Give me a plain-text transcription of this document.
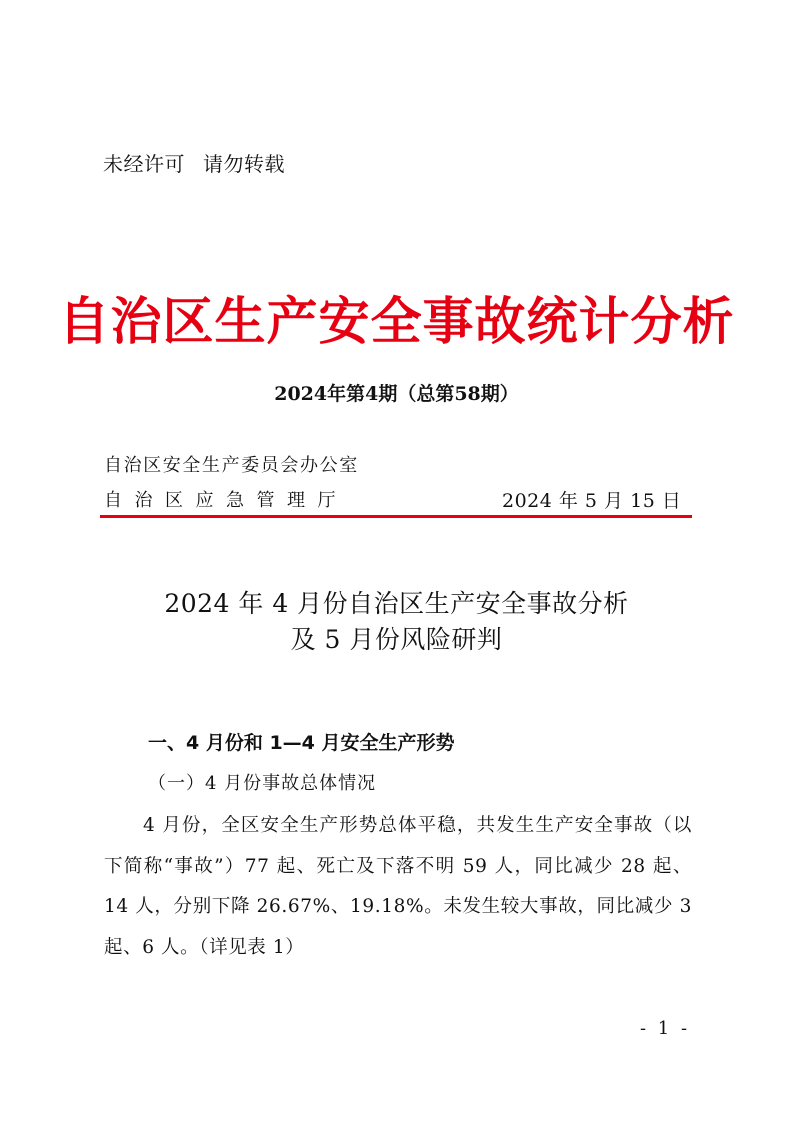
未经许可 请勿转载
自治区生产安全事故统计分析
2024年第4期（总第58期）
自治区安全生产委员会办公室
自治区应急管理厅	2024 年 5 月 15 日
2024 年 4 月份自治区生产安全事故分析
及 5 月份风险研判
一、4 月份和 1—4 月安全生产形势
（一）4 月份事故总体情况
4 月份，全区安全生产形势总体平稳，共发生生产安全事故（以下简称“事故”）77 起、死亡及下落不明 59 人，同比减少 28 起、14 人，分别下降 26.67%、19.18%。未发生较大事故，同比减少 3 起、6 人。（详见表 1）
- 1 -
